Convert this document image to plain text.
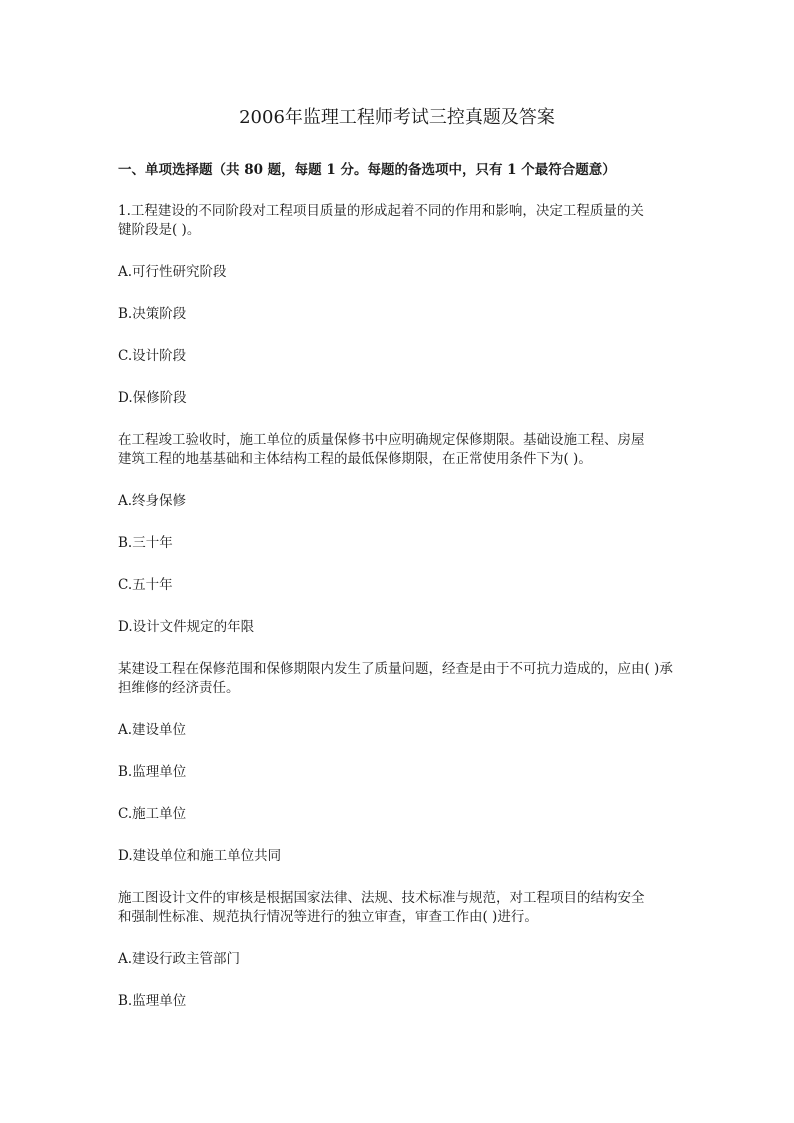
2006年监理工程师考试三控真题及答案
一、单项选择题（共 80 题，每题 1 分。每题的备选项中，只有 1 个最符合题意）
1.工程建设的不同阶段对工程项目质量的形成起着不同的作用和影响，决定工程质量的关
键阶段是( )。
A.可行性研究阶段
B.决策阶段
C.设计阶段
D.保修阶段
在工程竣工验收时，施工单位的质量保修书中应明确规定保修期限。基础设施工程、房屋
建筑工程的地基基础和主体结构工程的最低保修期限，在正常使用条件下为( )。
A.终身保修
B.三十年
C.五十年
D.设计文件规定的年限
某建设工程在保修范围和保修期限内发生了质量问题，经查是由于不可抗力造成的，应由( )承
担维修的经济责任。
A.建设单位
B.监理单位
C.施工单位
D.建设单位和施工单位共同
施工图设计文件的审核是根据国家法律、法规、技术标准与规范，对工程项目的结构安全
和强制性标准、规范执行情况等进行的独立审查，审查工作由( )进行。
A.建设行政主管部门
B.监理单位
